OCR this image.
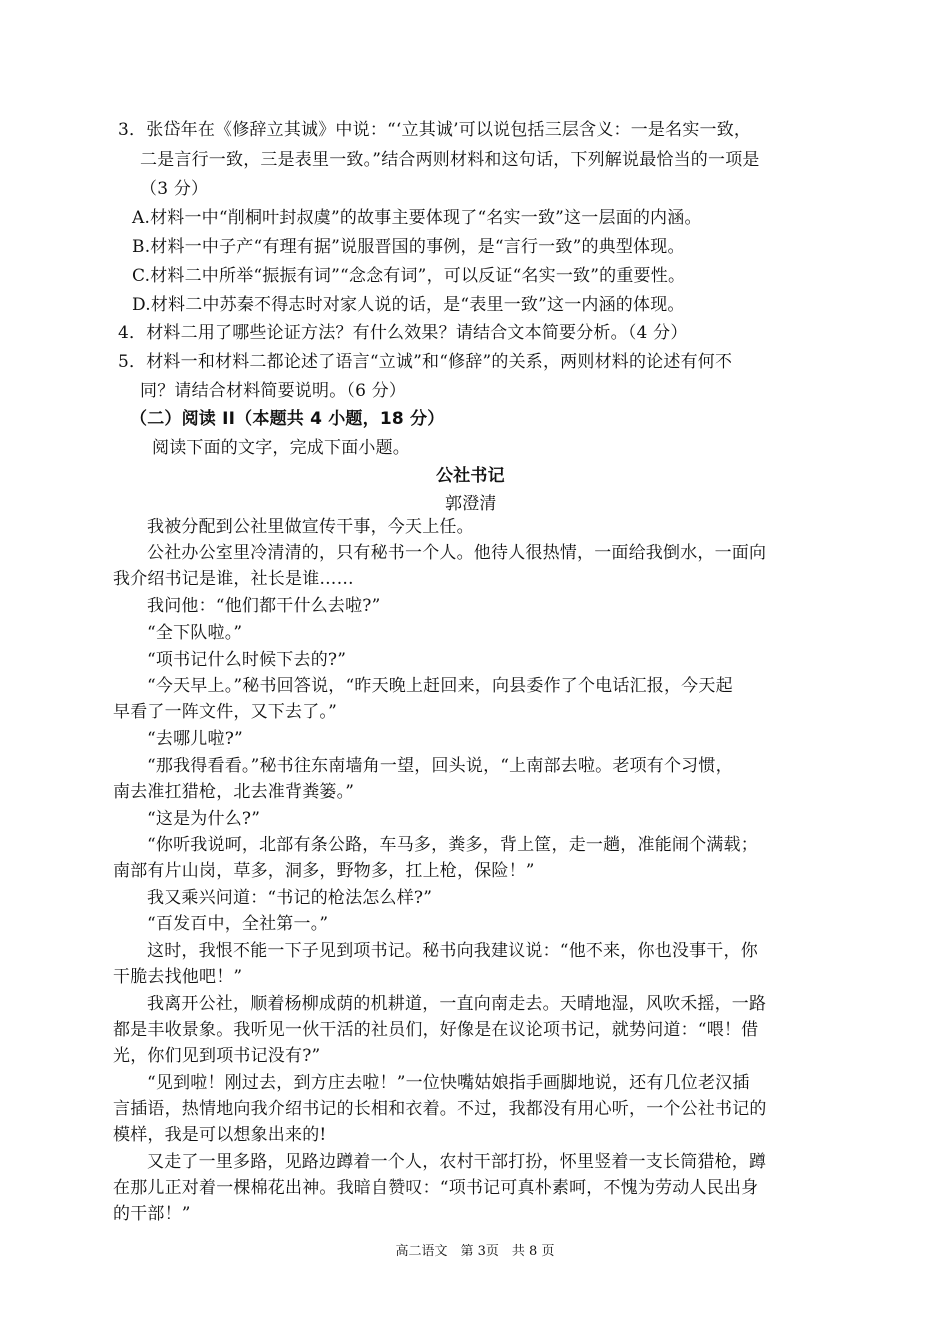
3．张岱年在《修辞立其诚》中说：“‘立其诚’可以说包括三层含义：一是名实一致，
二是言行一致，三是表里一致。”结合两则材料和这句话，下列解说最恰当的一项是
（3 分）
A.材料一中“削桐叶封叔虞”的故事主要体现了“名实一致”这一层面的内涵。
B.材料一中子产“有理有据”说服晋国的事例，是“言行一致”的典型体现。
C.材料二中所举“振振有词”“念念有词”，可以反证“名实一致”的重要性。
D.材料二中苏秦不得志时对家人说的话，是“表里一致”这一内涵的体现。
4．材料二用了哪些论证方法？有什么效果？请结合文本简要分析。（4 分）
5．材料一和材料二都论述了语言“立诚”和“修辞”的关系，两则材料的论述有何不
同？请结合材料简要说明。（6 分）
（二）阅读 II（本题共 4 小题，18 分）
阅读下面的文字，完成下面小题。
公社书记
郭澄清
我被分配到公社里做宣传干事，今天上任。
公社办公室里冷清清的，只有秘书一个人。他待人很热情，一面给我倒水，一面向
我介绍书记是谁，社长是谁……
我问他：“他们都干什么去啦?”
“全下队啦。”
“项书记什么时候下去的?”
“今天早上。”秘书回答说，“昨天晚上赶回来，向县委作了个电话汇报，今天起
早看了一阵文件，又下去了。”
“去哪儿啦?”
“那我得看看。”秘书往东南墙角一望，回头说，“上南部去啦。老项有个习惯，
南去准扛猎枪，北去准背粪篓。”
“这是为什么?”
“你听我说呵，北部有条公路，车马多，粪多，背上筐，走一趟，准能闹个满载；
南部有片山岗，草多，洞多，野物多，扛上枪，保险！”
我又乘兴问道：“书记的枪法怎么样?”
“百发百中，全社第一。”
这时，我恨不能一下子见到项书记。秘书向我建议说：“他不来，你也没事干，你
干脆去找他吧！”
我离开公社，顺着杨柳成荫的机耕道，一直向南走去。天晴地湿，风吹禾摇，一路
都是丰收景象。我听见一伙干活的社员们，好像是在议论项书记，就势问道：“喂！借
光，你们见到项书记没有?”
“见到啦！刚过去，到方庄去啦！”一位快嘴姑娘指手画脚地说，还有几位老汉插
言插语，热情地向我介绍书记的长相和衣着。不过，我都没有用心听，一个公社书记的
模样，我是可以想象出来的!
又走了一里多路，见路边蹲着一个人，农村干部打扮，怀里竖着一支长筒猎枪，蹲
在那儿正对着一棵棉花出神。我暗自赞叹：“项书记可真朴素呵，不愧为劳动人民出身
的干部！”
高二语文　第 3页　共 8 页
